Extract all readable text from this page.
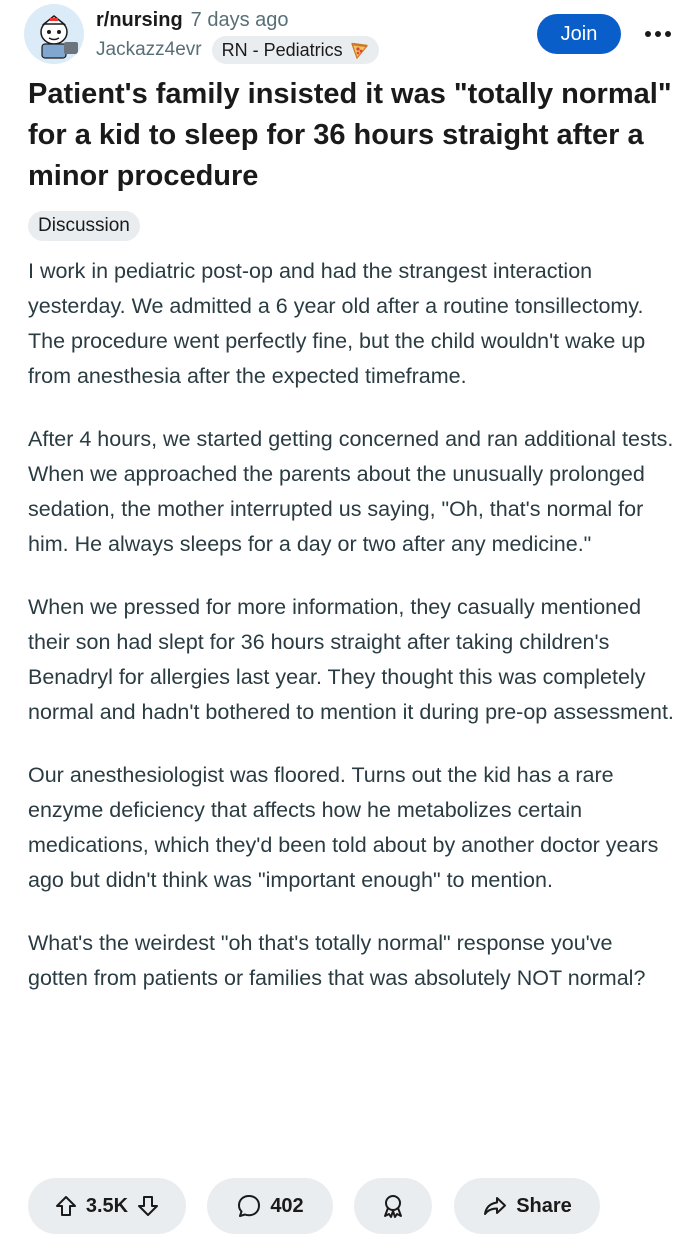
r/nursing 7 days ago
Jackazz4evr RN - Pediatrics
Join
Patient's family insisted it was "totally normal" for a kid to sleep for 36 hours straight after a minor procedure
Discussion

I work in pediatric post-op and had the strangest interaction yesterday. We admitted a 6 year old after a routine tonsillectomy. The procedure went perfectly fine, but the child wouldn't wake up from anesthesia after the expected timeframe.

After 4 hours, we started getting concerned and ran additional tests. When we approached the parents about the unusually prolonged sedation, the mother interrupted us saying, "Oh, that's normal for him. He always sleeps for a day or two after any medicine."

When we pressed for more information, they casually mentioned their son had slept for 36 hours straight after taking children's Benadryl for allergies last year. They thought this was completely normal and hadn't bothered to mention it during pre-op assessment.

Our anesthesiologist was floored. Turns out the kid has a rare enzyme deficiency that affects how he metabolizes certain medications, which they'd been told about by another doctor years ago but didn't think was "important enough" to mention.

What's the weirdest "oh that's totally normal" response you've gotten from patients or families that was absolutely NOT normal?

3.5K	402	Share
